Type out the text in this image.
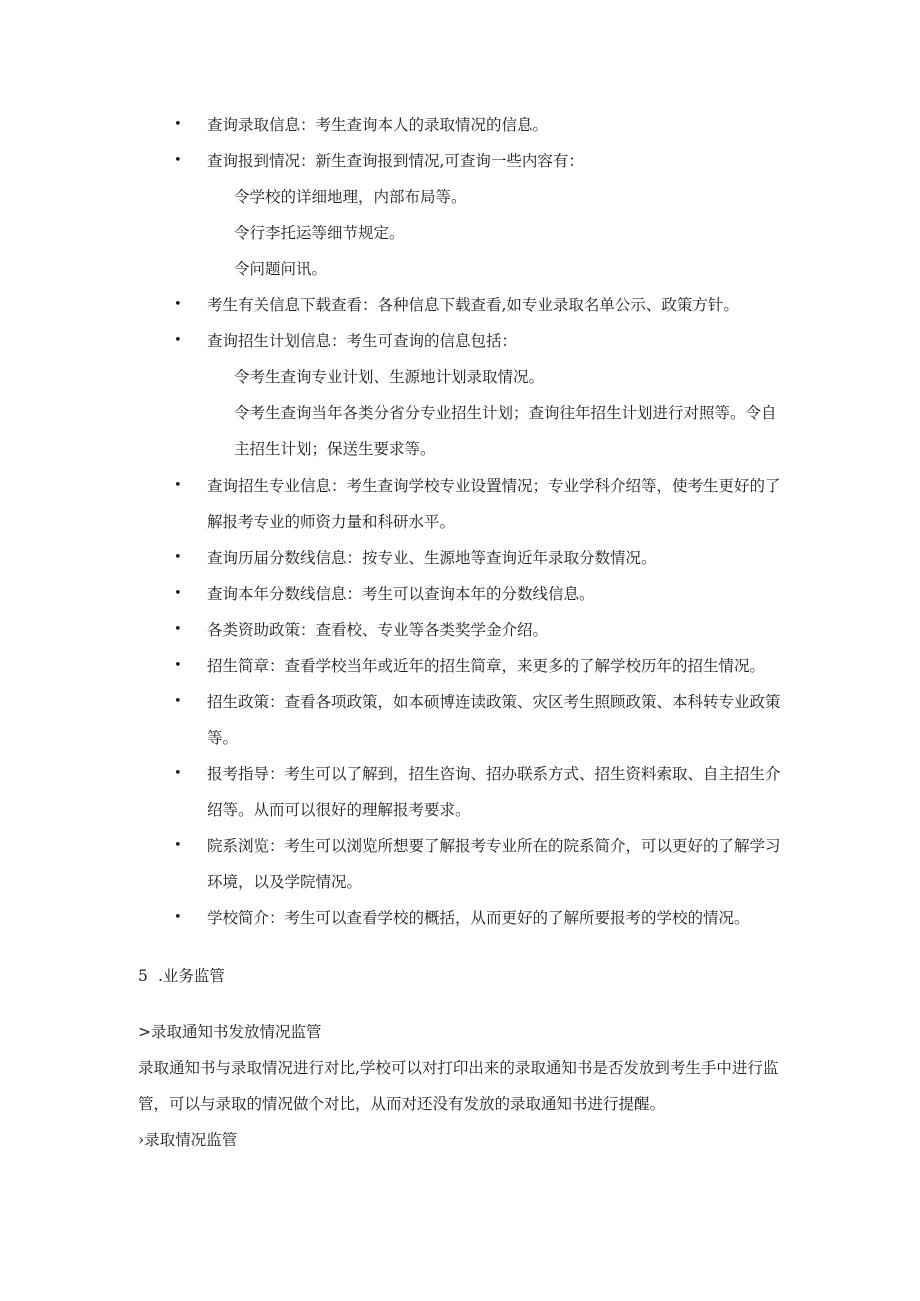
• 查询录取信息：考生查询本人的录取情况的信息。
• 查询报到情况：新生查询报到情况,可查询一些内容有：
令学校的详细地理，内部布局等。
令行李托运等细节规定。
令问题问讯。
• 考生有关信息下载查看：各种信息下载查看,如专业录取名单公示、政策方针。
• 查询招生计划信息：考生可查询的信息包括：
令考生查询专业计划、生源地计划录取情况。
令考生查询当年各类分省分专业招生计划；查询往年招生计划进行对照等。令自
主招生计划；保送生要求等。
• 查询招生专业信息：考生查询学校专业设置情况；专业学科介绍等，使考生更好的了
解报考专业的师资力量和科研水平。
• 查询历届分数线信息：按专业、生源地等查询近年录取分数情况。
• 查询本年分数线信息：考生可以查询本年的分数线信息。
• 各类资助政策：查看校、专业等各类奖学金介绍。
• 招生简章：查看学校当年或近年的招生简章，来更多的了解学校历年的招生情况。
• 招生政策：查看各项政策，如本硕博连读政策、灾区考生照顾政策、本科转专业政策
等。
• 报考指导：考生可以了解到，招生咨询、招办联系方式、招生资料索取、自主招生介
绍等。从而可以很好的理解报考要求。
• 院系浏览：考生可以浏览所想要了解报考专业所在的院系简介，可以更好的了解学习
环境，以及学院情况。
• 学校简介：考生可以查看学校的概括，从而更好的了解所要报考的学校的情况。
5 .业务监管
>录取通知书发放情况监管
录取通知书与录取情况进行对比,学校可以对打印出来的录取通知书是否发放到考生手中进行监
管，可以与录取的情况做个对比，从而对还没有发放的录取通知书进行提醒。
›录取情况监管
